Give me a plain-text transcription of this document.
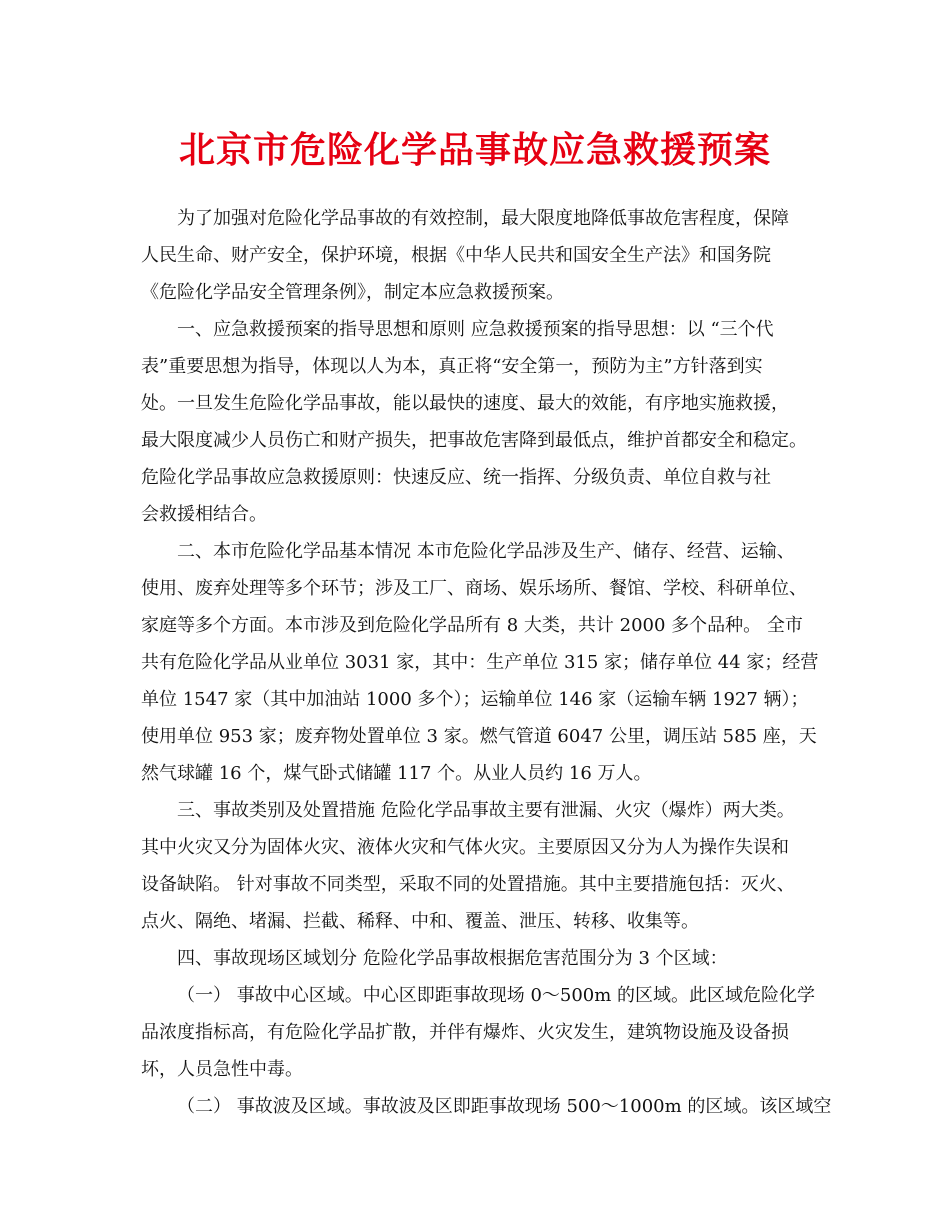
北京市危险化学品事故应急救援预案

为了加强对危险化学品事故的有效控制，最大限度地降低事故危害程度，保障

人民生命、财产安全，保护环境，根据《中华人民共和国安全生产法》和国务院

《危险化学品安全管理条例》，制定本应急救援预案。

一、应急救援预案的指导思想和原则 应急救援预案的指导思想：以 “三个代

表”重要思想为指导，体现以人为本，真正将“安全第一，预防为主”方针落到实

处。一旦发生危险化学品事故，能以最快的速度、最大的效能，有序地实施救援，

最大限度减少人员伤亡和财产损失，把事故危害降到最低点，维护首都安全和稳定。

危险化学品事故应急救援原则：快速反应、统一指挥、分级负责、单位自救与社

会救援相结合。

二、本市危险化学品基本情况 本市危险化学品涉及生产、储存、经营、运输、

使用、废弃处理等多个环节；涉及工厂、商场、娱乐场所、餐馆、学校、科研单位、

家庭等多个方面。本市涉及到危险化学品所有 8 大类，共计 2000 多个品种。 全市

共有危险化学品从业单位 3031 家，其中：生产单位 315 家；储存单位 44 家；经营

单位 1547 家（其中加油站 1000 多个）；运输单位 146 家（运输车辆 1927 辆）；

使用单位 953 家；废弃物处置单位 3 家。燃气管道 6047 公里，调压站 585 座，天

然气球罐 16 个，煤气卧式储罐 117 个。从业人员约 16 万人。

三、事故类别及处置措施 危险化学品事故主要有泄漏、火灾（爆炸）两大类。

其中火灾又分为固体火灾、液体火灾和气体火灾。主要原因又分为人为操作失误和

设备缺陷。 针对事故不同类型，采取不同的处置措施。其中主要措施包括：灭火、

点火、隔绝、堵漏、拦截、稀释、中和、覆盖、泄压、转移、收集等。

四、事故现场区域划分 危险化学品事故根据危害范围分为 3 个区域：

（一） 事故中心区域。中心区即距事故现场 0～500m 的区域。此区域危险化学

品浓度指标高，有危险化学品扩散，并伴有爆炸、火灾发生，建筑物设施及设备损

坏，人员急性中毒。

（二） 事故波及区域。事故波及区即距事故现场 500～1000m 的区域。该区域空
